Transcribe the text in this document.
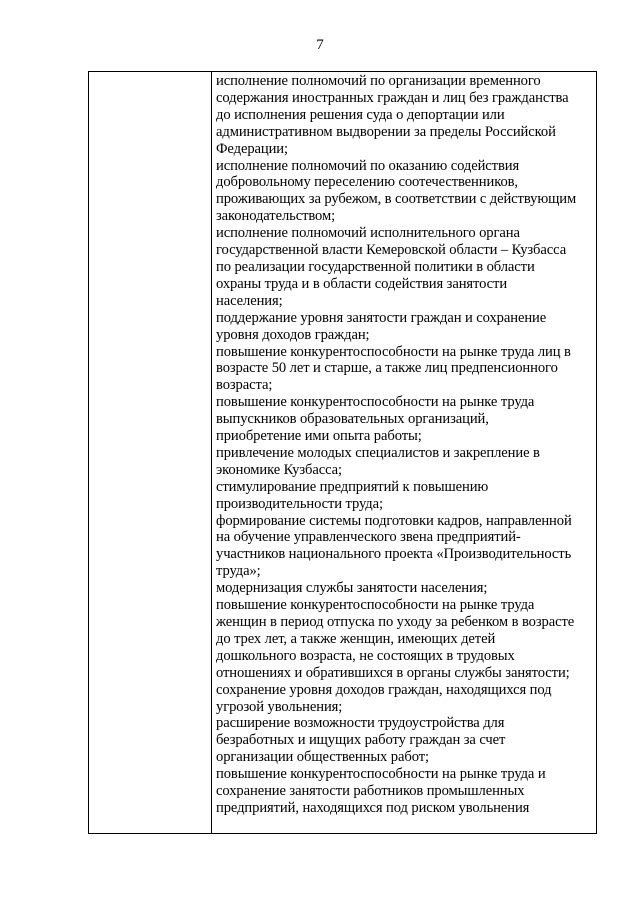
7
исполнение полномочий по организации временного
содержания иностранных граждан и лиц без гражданства
до исполнения решения суда о депортации или
административном выдворении за пределы Российской
Федерации;
исполнение полномочий по оказанию содействия
добровольному переселению соотечественников,
проживающих за рубежом, в соответствии с действующим
законодательством;
исполнение полномочий исполнительного органа
государственной власти Кемеровской области – Кузбасса
по реализации государственной политики в области
охраны труда и в области содействия занятости
населения;
поддержание уровня занятости граждан и сохранение
уровня доходов граждан;
повышение конкурентоспособности на рынке труда лиц в
возрасте 50 лет и старше, а также лиц предпенсионного
возраста;
повышение конкурентоспособности на рынке труда
выпускников образовательных организаций,
приобретение ими опыта работы;
привлечение молодых специалистов и закрепление в
экономике Кузбасса;
стимулирование предприятий к повышению
производительности труда;
формирование системы подготовки кадров, направленной
на обучение управленческого звена предприятий-
участников национального проекта «Производительность
труда»;
модернизация службы занятости населения;
повышение конкурентоспособности на рынке труда
женщин в период отпуска по уходу за ребенком в возрасте
до трех лет, а также женщин, имеющих детей
дошкольного возраста, не состоящих в трудовых
отношениях и обратившихся в органы службы занятости;
сохранение уровня доходов граждан, находящихся под
угрозой увольнения;
расширение возможности трудоустройства для
безработных и ищущих работу граждан за счет
организации общественных работ;
повышение конкурентоспособности на рынке труда и
сохранение занятости работников промышленных
предприятий, находящихся под риском увольнения
